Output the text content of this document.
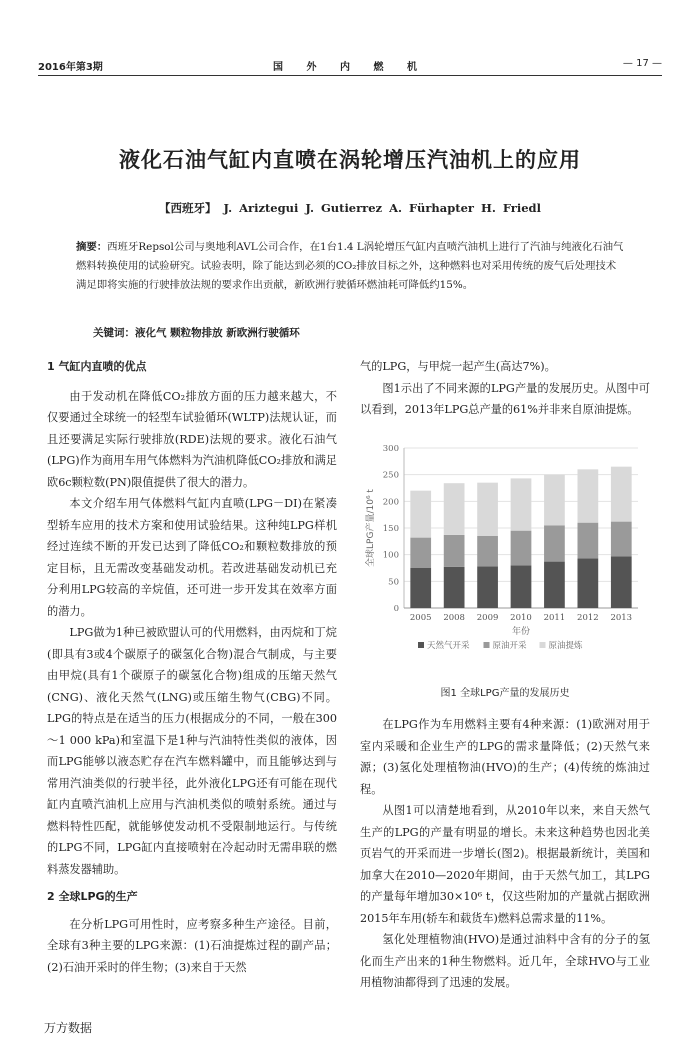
2016年第3期	国 外 内 燃 机	— 17 —
液化石油气缸内直喷在涡轮增压汽油机上的应用
【西班牙】 J. Ariztegui J. Gutierrez A. Fürhapter H. Friedl
摘要：西班牙Repsol公司与奥地利AVL公司合作，在1台1.4 L涡轮增压气缸内直喷汽油机上进行了汽油与纯液化石油气燃料转换使用的试验研究。试验表明，除了能达到必须的CO₂排放目标之外，这种燃料也对采用传统的废气后处理技术满足即将实施的行驶排放法规的要求作出贡献，新欧洲行驶循环燃油耗可降低约15%。
关键词：液化气 颗粒物排放 新欧洲行驶循环

1 气缸内直喷的优点

由于发动机在降低CO₂排放方面的压力越来越大，不仅要通过全球统一的轻型车试验循环(WLTP)法规认证，而且还要满足实际行驶排放(RDE)法规的要求。液化石油气(LPG)作为商用车用气体燃料为汽油机降低CO₂排放和满足欧6c颗粒数(PN)限值提供了很大的潜力。

本文介绍车用气体燃料气缸内直喷(LPG－DI)在紧凑型轿车应用的技术方案和使用试验结果。这种纯LPG样机经过连续不断的开发已达到了降低CO₂和颗粒数排放的预定目标，且无需改变基础发动机。若改进基础发动机已充分利用LPG较高的辛烷值，还可进一步开发其在效率方面的潜力。

LPG做为1种已被欧盟认可的代用燃料，由丙烷和丁烷(即具有3或4个碳原子的碳氢化合物)混合气制成，与主要由甲烷(具有1个碳原子的碳氢化合物)组成的压缩天然气(CNG)、液化天然气(LNG)或压缩生物气(CBG)不同。LPG的特点是在适当的压力(根据成分的不同，一般在300～1 000 kPa)和室温下是1种与汽油特性类似的液体，因而LPG能够以液态贮存在汽车燃料罐中，而且能够达到与常用汽油类似的行驶半径，此外液化LPG还有可能在现代缸内直喷汽油机上应用与汽油机类似的喷射系统。通过与燃料特性匹配，就能够使发动机不受限制地运行。与传统的LPG不同，LPG缸内直接喷射在冷起动时无需串联的燃料蒸发器辅助。

2 全球LPG的生产

在分析LPG可用性时，应考察多种生产途径。目前，全球有3种主要的LPG来源：(1)石油提炼过程的副产品；(2)石油开采时的伴生物；(3)来自于天然

气的LPG，与甲烷一起产生(高达7%)。

图1示出了不同来源的LPG产量的发展历史。从图中可以看到，2013年LPG总产量的61%并非来自原油提炼。

0
50
100
150
200
250
300
2005 2008 2009 2010 2011 2012 2013
年份
全球LPG产量/10⁶ t
天然气开采	原油开采	原油提炼
图1 全球LPG产量的发展历史

在LPG作为车用燃料主要有4种来源：(1)欧洲对用于室内采暖和企业生产的LPG的需求量降低；(2)天然气来源；(3)氢化处理植物油(HVO)的生产；(4)传统的炼油过程。

从图1可以清楚地看到，从2010年以来，来自天然气生产的LPG的产量有明显的增长。未来这种趋势也因北美页岩气的开采而进一步增长(图2)。根据最新统计，美国和加拿大在2010—2020年期间，由于天然气加工，其LPG的产量每年增加30×10⁶ t，仅这些附加的产量就占据欧洲2015年车用(轿车和载货车)燃料总需求量的11%。

氢化处理植物油(HVO)是通过油料中含有的分子的氢化而生产出来的1种生物燃料。近几年，全球HVO与工业用植物油都得到了迅速的发展。

万方数据
